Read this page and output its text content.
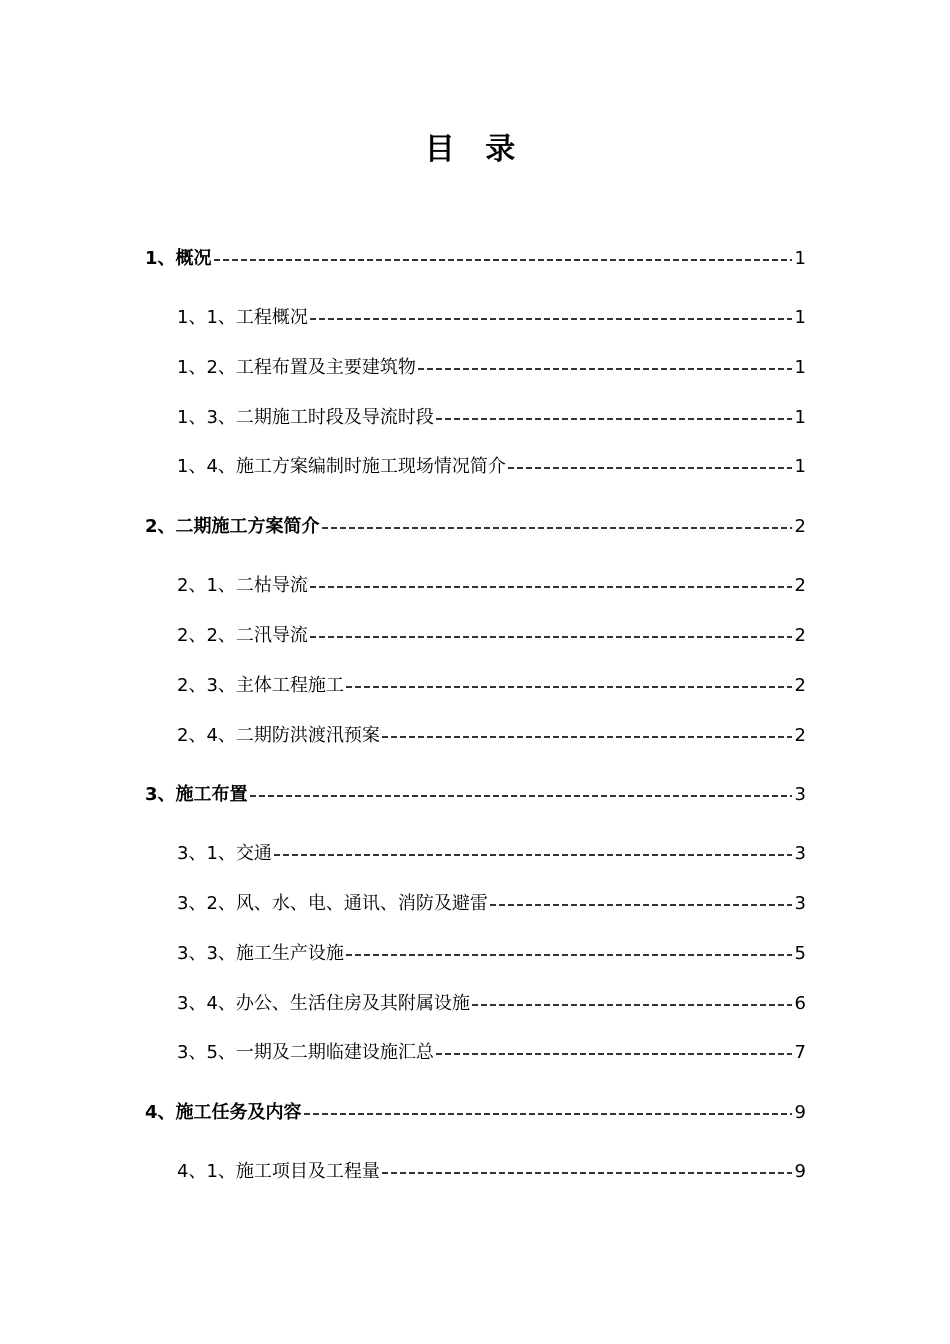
目 录
1、概况	1
1、1、工程概况	1
1、2、工程布置及主要建筑物	1
1、3、二期施工时段及导流时段	1
1、4、施工方案编制时施工现场情况简介	1
2、二期施工方案简介	2
2、1、二枯导流	2
2、2、二汛导流	2
2、3、主体工程施工	2
2、4、二期防洪渡汛预案	2
3、施工布置	3
3、1、交通	3
3、2、风、水、电、通讯、消防及避雷	3
3、3、施工生产设施	5
3、4、办公、生活住房及其附属设施	6
3、5、一期及二期临建设施汇总	7
4、施工任务及内容	9
4、1、施工项目及工程量	9
